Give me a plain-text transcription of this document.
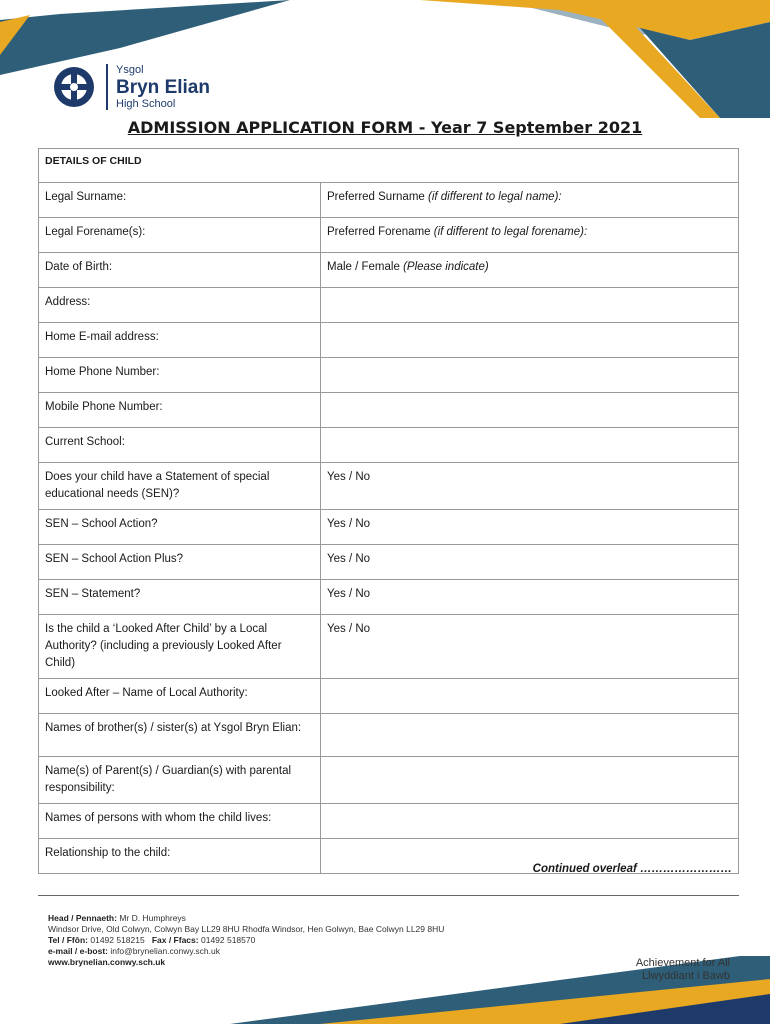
Ysgol
Bryn Elian
High School
ADMISSION APPLICATION FORM - Year 7 September 2021
DETAILS OF CHILD	
Legal Surname:	Preferred Surname (if different to legal name):
Legal Forename(s):	Preferred Forename (if different to legal forename):
Date of Birth:	Male / Female (Please indicate)
Address:	
Home E-mail address:	
Home Phone Number:	
Mobile Phone Number:	
Current School:	
Does your child have a Statement of special educational needs (SEN)?	Yes / No
SEN – School Action?	Yes / No
SEN – School Action Plus?	Yes / No
SEN – Statement?	Yes / No
Is the child a ‘Looked After Child’ by a Local Authority? (including a previously Looked After Child)	Yes / No
Looked After – Name of Local Authority:	
Names of brother(s) / sister(s) at Ysgol Bryn Elian:	
Name(s) of Parent(s) / Guardian(s) with parental responsibility:	
Names of persons with whom the child lives:	
Relationship to the child:	
Continued overleaf ……………………
Head / Pennaeth: Mr D. Humphreys
Windsor Drive, Old Colwyn, Colwyn Bay LL29 8HU Rhodfa Windsor, Hen Golwyn, Bae Colwyn LL29 8HU
Tel / Ffôn: 01492 518215 Fax / Ffacs: 01492 518570
e-mail / e-bost: info@brynelian.conwy.sch.uk
www.brynelian.conwy.sch.uk	Achievement for All
Llwyddiant i Bawb
